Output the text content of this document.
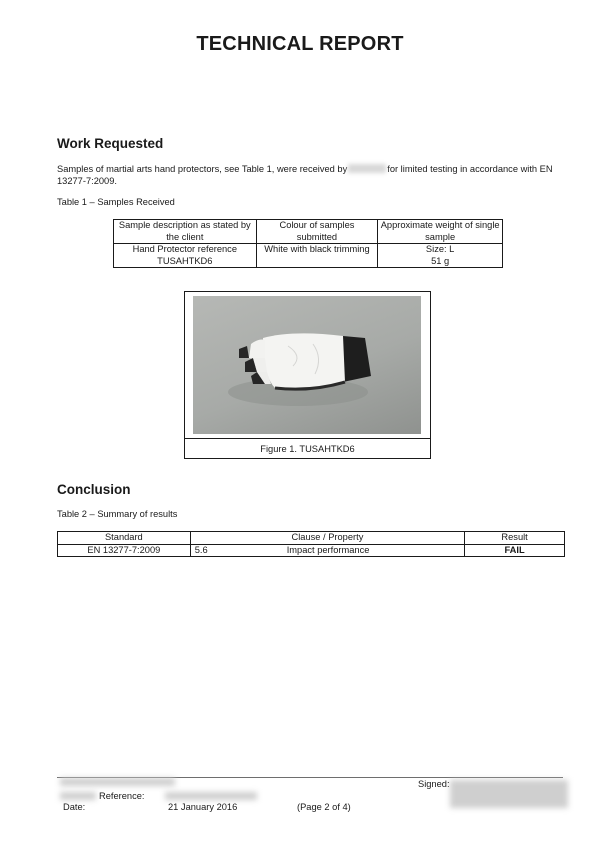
TECHNICAL REPORT
Work Requested
Samples of martial arts hand protectors, see Table 1, were received by	for limited testing in accordance with EN 13277-7:2009.
Table 1 – Samples Received
Sample description as stated by the client	Colour of samples submitted	Approximate weight of single sample
Hand Protector reference TUSAHTKD6	White with black trimming	Size: L
51 g
Figure 1. TUSAHTKD6
Conclusion
Table 2 – Summary of results
Standard	Clause / Property	Result
EN 13277-7:2009	5.6 Impact performance	FAIL
Signed:
Reference:
Date:	21 January 2016	(Page 2 of 4)
